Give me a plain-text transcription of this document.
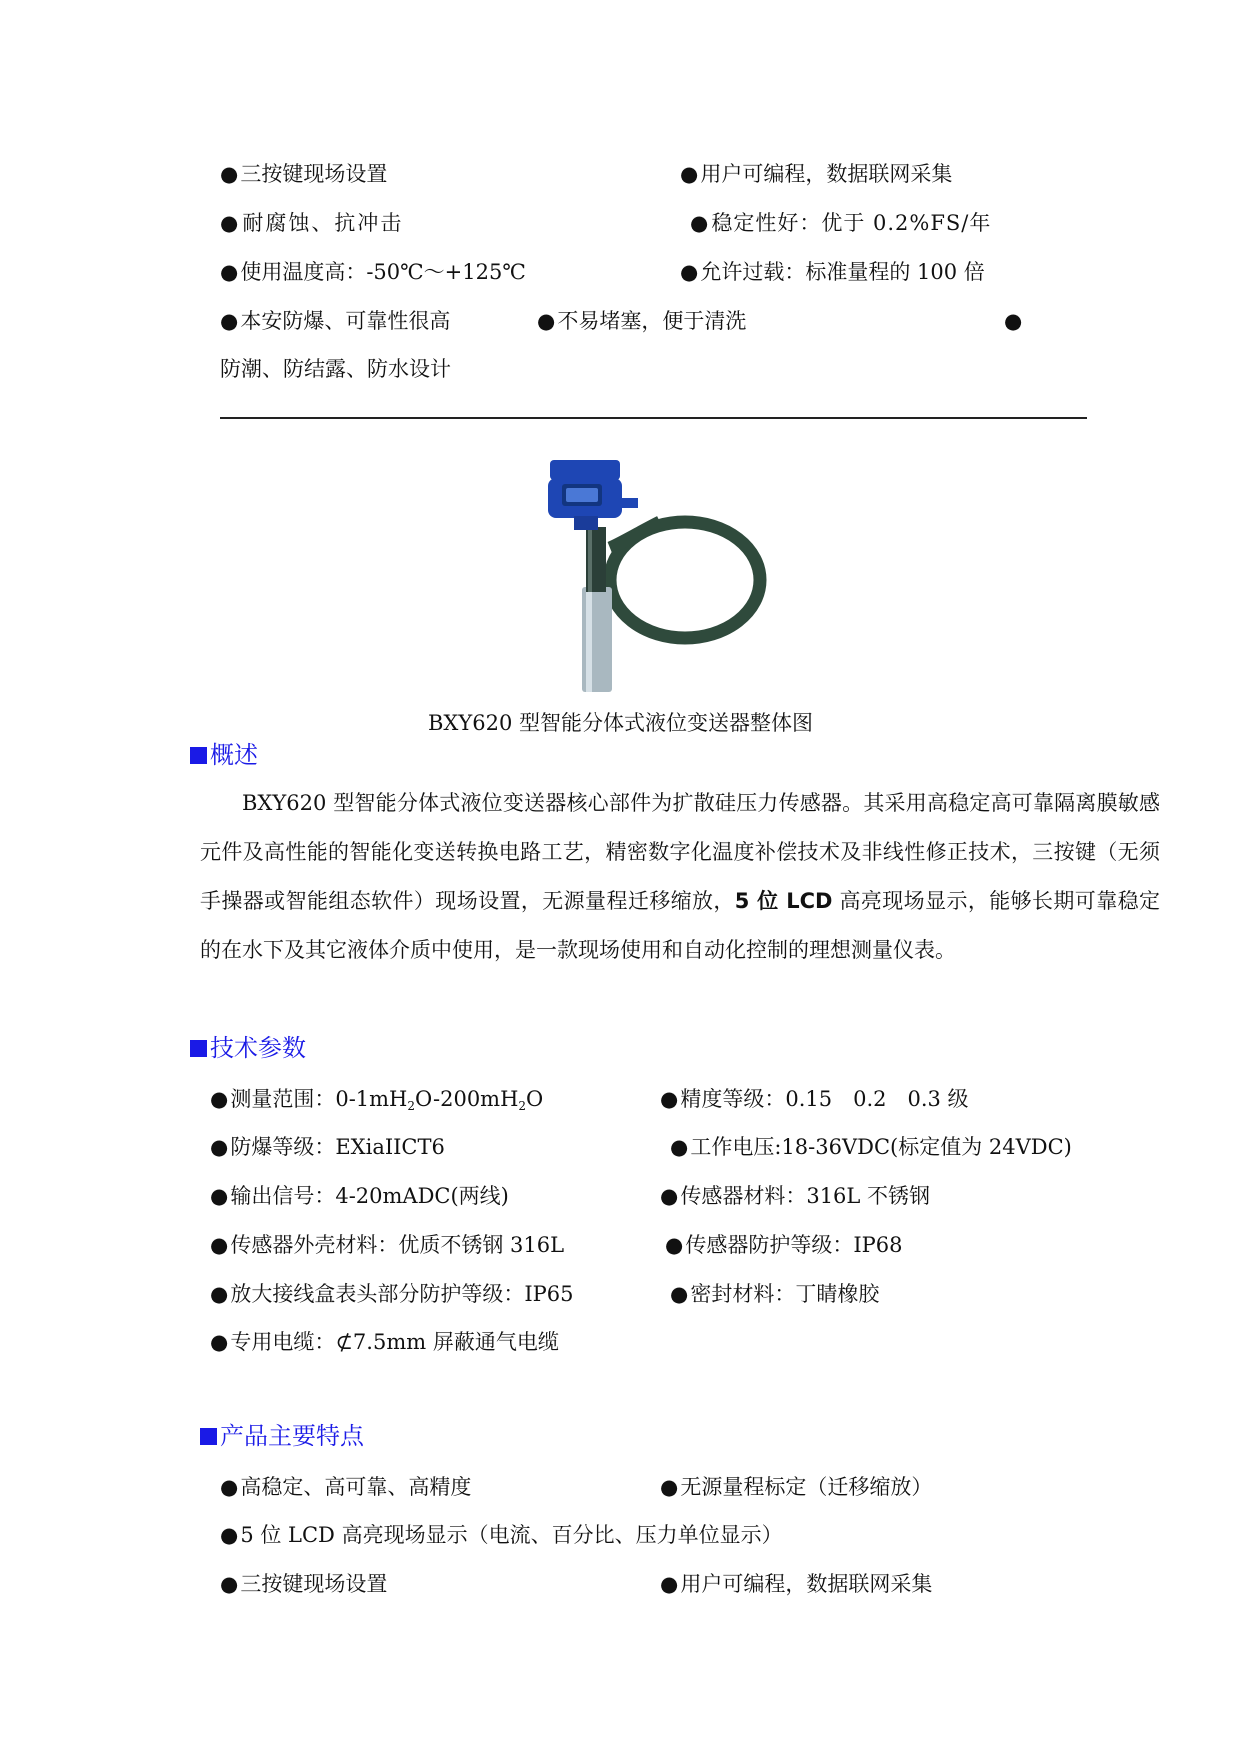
●三按键现场设置	●用户可编程，数据联网采集
●耐腐蚀、抗冲击	●稳定性好：优于 0.2%FS/年
●使用温度高：-50℃～+125℃	●允许过载：标准量程的 100 倍
●本安防爆、可靠性很高	●不易堵塞，便于清洗	●
防潮、防结露、防水设计
BXY620 型智能分体式液位变送器整体图
概述
BXY620 型智能分体式液位变送器核心部件为扩散硅压力传感器。其采用高稳定高可靠隔离膜敏感元件及高性能的智能化变送转换电路工艺，精密数字化温度补偿技术及非线性修正技术，三按键（无须手操器或智能组态软件）现场设置，无源量程迁移缩放，5 位 LCD 高亮现场显示，能够长期可靠稳定的在水下及其它液体介质中使用，是一款现场使用和自动化控制的理想测量仪表。
技术参数
●测量范围：$0-1mH_2O-200mH_2O$	●精度等级：0.15　0.2　0.3 级
●防爆等级：EXiaIICT6	●工作电压:18-36VDC(标定值为 24VDC)
●输出信号：4-20mADC(两线)	●传感器材料：316L 不锈钢
●传感器外壳材料：优质不锈钢 316L	●传感器防护等级：IP68
●放大接线盒表头部分防护等级：IP65	●密封材料：丁睛橡胶
●专用电缆：⊄7.5mm 屏蔽通气电缆
产品主要特点
●高稳定、高可靠、高精度	●无源量程标定（迁移缩放）
●5 位 LCD 高亮现场显示（电流、百分比、压力单位显示）
●三按键现场设置	●用户可编程，数据联网采集
